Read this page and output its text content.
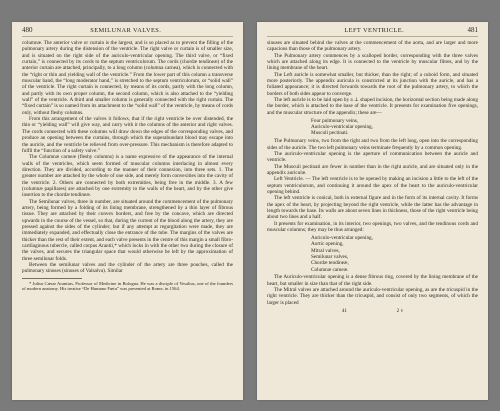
480	SEMILUNAR VALVES.

columnæ. The anterior valve or curtain is the largest, and is so placed as to prevent the filling of the pulmonary artery during the distension of the ventricle. The right valve or curtain is of smaller size, and is situated on the right side of the auriculo-ventricular opening. The third valve, or “fixed curtain,” is connected by its cords to the septum ventriculorum. The cords (chordæ tendineæ) of the anterior curtain are attached, principally, to a long column (columna carnea), which is connected with the “right or thin and yielding wall of the ventricle.” From the lower part of this column a transverse muscular band, the “long moderator band,” is stretched to the septum ventriculorum, or “solid wall” of the ventricle. The right curtain is connected, by means of its cords, partly with the long column, and partly with its own proper column, the second column, which is also attached to the “yielding wall” of the ventricle. A third and smaller column is generally connected with the right curtain. The “fixed curtain” is so named from its attachment to the “solid wall” of the ventricle, by means of cords only, without fleshy columns.

From this arrangement of the valves it follows, that if the right ventricle be over distended, the thin or “yielding wall” will give way, and carry with it the columns of the anterior and right valves. The cords connected with these columns will draw down the edges of the corresponding valves, and produce an opening between the curtains, through which the superabundant blood may escape into the auricle, and the ventricle be relieved from over-pressure. This mechanism is therefore adapted to fulfil the “function of a safety valve.”

The Columnæ carneæ (fleshy columns) is a name expressive of the appearance of the internal walls of the ventricles, which seem formed of muscular columns interlacing in almost every direction. They are divided, according to the manner of their connexion, into three sets. 1. The greater number are attached by the whole of one side, and merely form convexities into the cavity of the ventricle. 2. Others are connected by both extremities, being free in the middle. 3. A few (columnæ papillares) are attached by one extremity to the walls of the heart, and by the other give insertion to the chordæ tendineæ.

The Semilunar valves, three in number, are situated around the commencement of the pulmonary artery, being formed by a folding of its lining membrane, strengthened by a thin layer of fibrous tissue. They are attached by their convex borders, and free by the concave, which are directed upwards in the course of the vessel, so that, during the current of the blood along the artery, they are pressed against the sides of the cylinder; but if any attempt at regurgitation were made, they are immediately expanded, and effectually close the entrance of the tube. The margins of the valves are thicker than the rest of their extent, and each valve presents in the centre of this margin a small fibro-cartilaginous tubercle, called corpus Arantii,* which locks in with the other two during the closure of the valves, and secures the triangular space that would otherwise be left by the approximation of three semilunar folds.

Between the semilunar valves and the cylinder of the artery are three pouches, called the pulmonary sinuses (sinuses of Valsalva). Similar

* Julius Cæsar Arantius, Professor of Medicine in Bologna. He was a disciple of Vesalius, one of the founders of modern anatomy. His treatise “De Humano Fœtu” was presented at Rome, in 1564.
LEFT VENTRICLE.	481

sinuses are situated behind the valves at the commencement of the aorta, and are larger and more capacious than those of the pulmonary artery.

The Pulmonary artery commences by a scalloped border, corresponding with the three valves which are attached along its edge. It is connected to the ventricle by muscular fibres, and by the lining membrane of the heart.

The Left auricle is somewhat smaller, but thicker, than the right; of a cuboid form, and situated more posteriorly. The appendix auricula is constricted at its junction with the auricle, and has a foliated appearance; it is directed forwards towards the root of the pulmonary artery, to which the borders of both sides appear to converge.

The left auricle is to be laid open by a ⊥ shaped incision, the horizontal section being made along the border, which is attached to the base of the ventricle. It presents for examination five openings, and the muscular structure of the appendix; these are—

Four pulmonary veins,
Auriculo-ventricular opening,
Musculi pectinati.

The Pulmonary veins, two from the right and two from the left lung, open into the corresponding sides of the auricle. The two left pulmonary veins terminate frequently by a common opening.

The auriculo-ventricular opening is the aperture of communication between the auricle and ventricle.

The Musculi pectinati are fewer in number than in the right auricle, and are situated only in the appendix auriculæ.

Left Ventricle. — The left ventricle is to be opened by making an incision a little to the left of the septum ventriculorum, and continuing it around the apex of the heart to the auriculo-ventricular opening behind.

The left ventricle is conical, both in external figure and in the form of its internal cavity. It forms the apex of the heart, by projecting beyond the right ventricle, while the latter has the advantage in length towards the base. Its walls are about seven lines in thickness, those of the right ventricle being about two lines and a half.

It presents for examination, in its interior, two openings, two valves, and the tendinous cords and muscular columns; they may be thus arranged:

Auriculo-ventricular opening,
Aortic opening,
Mitral valves,
Semilunar valves,
Chordæ tendineæ,
Columnæ carneæ.

The Auriculo-ventricular opening is a dense fibrous ring, covered by the lining membrane of the heart, but smaller in size than that of the right side.

The Mitral valves are attached around the auriculo-ventricular opening, as are the tricuspid in the right ventricle. They are thicker than the tricuspid, and consist of only two segments, of which the larger is placed

41	2 v
